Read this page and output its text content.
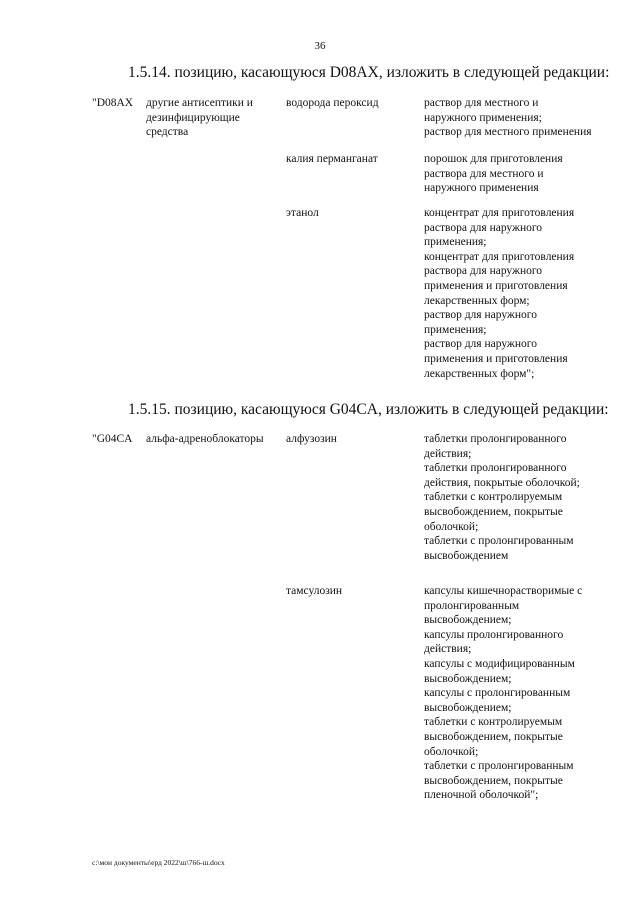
36
1.5.14. позицию, касающуюся D08AX, изложить в следующей редакции:
"D08AX другие антисептики и
дезинфицирующие
средства
водорода пероксид	раствор для местного и
наружного применения;
раствор для местного применения
калия перманганат	порошок для приготовления
раствора для местного и
наружного применения
этанол	концентрат для приготовления
раствора для наружного
применения;
концентрат для приготовления
раствора для наружного
применения и приготовления
лекарственных форм;
раствор для наружного
применения;
раствор для наружного
применения и приготовления
лекарственных форм";
1.5.15. позицию, касающуюся G04CA, изложить в следующей редакции:
"G04CA альфа-адреноблокаторы	алфузозин	таблетки пролонгированного
действия;
таблетки пролонгированного
действия, покрытые оболочкой;
таблетки с контролируемым
высвобождением, покрытые
оболочкой;
таблетки с пролонгированным
высвобождением
тамсулозин	капсулы кишечнорастворимые с
пролонгированным
высвобождением;
капсулы пролонгированного
действия;
капсулы с модифицированным
высвобождением;
капсулы с пролонгированным
высвобождением;
таблетки с контролируемым
высвобождением, покрытые
оболочкой;
таблетки с пролонгированным
высвобождением, покрытые
пленочной оболочкой";
c:\мои документы\ерд 2022\ш\766-ш.docx
